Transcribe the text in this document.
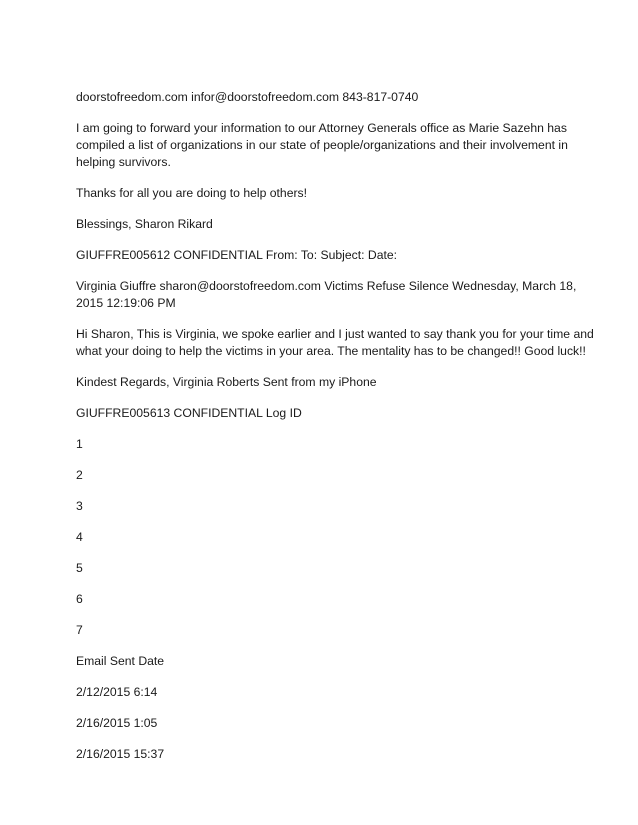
doorstofreedom.com infor@doorstofreedom.com 843-817-0740

I am going to forward your information to our Attorney Generals office as Marie Sazehn has
compiled a list of organizations in our state of people/organizations and their involvement in
helping survivors.

Thanks for all you are doing to help others!

Blessings, Sharon Rikard

GIUFFRE005612 CONFIDENTIAL From: To: Subject: Date:

Virginia Giuffre sharon@doorstofreedom.com Victims Refuse Silence Wednesday, March 18,
2015 12:19:06 PM

Hi Sharon, This is Virginia, we spoke earlier and I just wanted to say thank you for your time and
what your doing to help the victims in your area. The mentality has to be changed!! Good luck!!

Kindest Regards, Virginia Roberts Sent from my iPhone

GIUFFRE005613 CONFIDENTIAL Log ID

1

2

3

4

5

6

7

Email Sent Date

2/12/2015 6:14

2/16/2015 1:05

2/16/2015 15:37
